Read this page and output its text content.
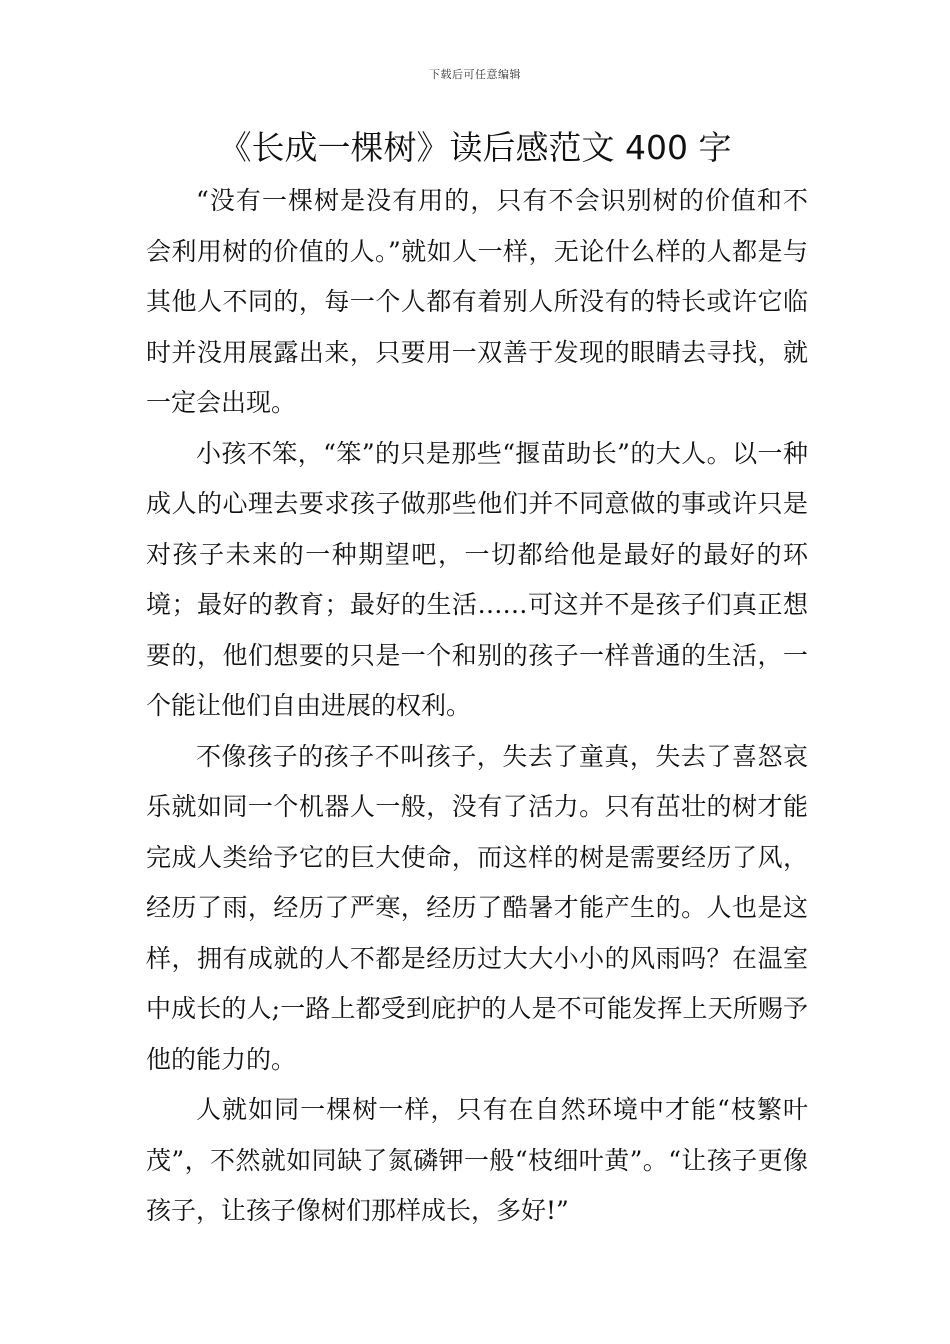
下载后可任意编辑
《长成一棵树》读后感范文 400 字

“没有一棵树是没有用的，只有不会识别树的价值和不会利用树的价值的人。”就如人一样，无论什么样的人都是与其他人不同的，每一个人都有着别人所没有的特长或许它临时并没用展露出来，只要用一双善于发现的眼睛去寻找，就一定会出现。

小孩不笨，“笨”的只是那些“揠苗助长”的大人。以一种成人的心理去要求孩子做那些他们并不同意做的事或许只是对孩子未来的一种期望吧，一切都给他是最好的最好的环境；最好的教育；最好的生活……可这并不是孩子们真正想要的，他们想要的只是一个和别的孩子一样普通的生活，一个能让他们自由进展的权利。

不像孩子的孩子不叫孩子，失去了童真，失去了喜怒哀乐就如同一个机器人一般，没有了活力。只有茁壮的树才能完成人类给予它的巨大使命，而这样的树是需要经历了风，经历了雨，经历了严寒，经历了酷暑才能产生的。人也是这样，拥有成就的人不都是经历过大大小小的风雨吗？在温室中成长的人;一路上都受到庇护的人是不可能发挥上天所赐予他的能力的。

人就如同一棵树一样，只有在自然环境中才能“枝繁叶茂”，不然就如同缺了氮磷钾一般“枝细叶黄”。“让孩子更像孩子，让孩子像树们那样成长，多好!”
